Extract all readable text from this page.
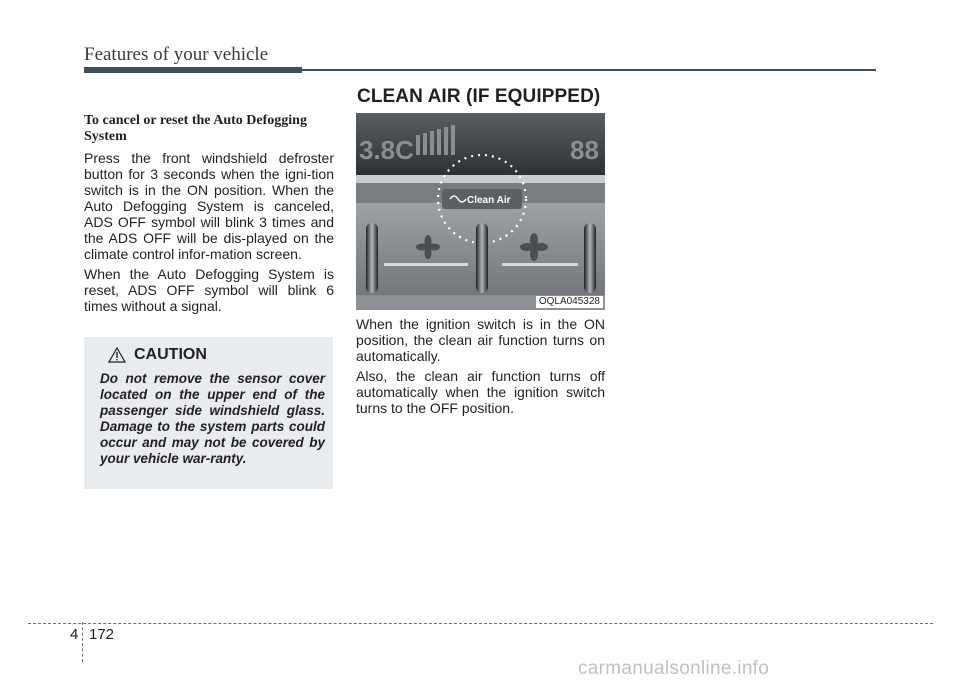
Features of your vehicle
CLEAN AIR (IF EQUIPPED)

To cancel or reset the Auto Defogging System

Press the front windshield defroster button for 3 seconds when the igni-tion switch is in the ON position. When the Auto Defogging System is canceled, ADS OFF symbol will blink 3 times and the ADS OFF will be dis-played on the climate control infor-mation screen.

When the Auto Defogging System is reset, ADS OFF symbol will blink 6 times without a signal.

CAUTION

Do not remove the sensor cover located on the upper end of the passenger side windshield glass. Damage to the system parts could occur and may not be covered by your vehicle war-ranty.

3.8C	88
Clean Air
OQLA045328

When the ignition switch is in the ON position, the clean air function turns on automatically.

Also, the clean air function turns off automatically when the ignition switch turns to the OFF position.

4 172

carmanualsonline.info
